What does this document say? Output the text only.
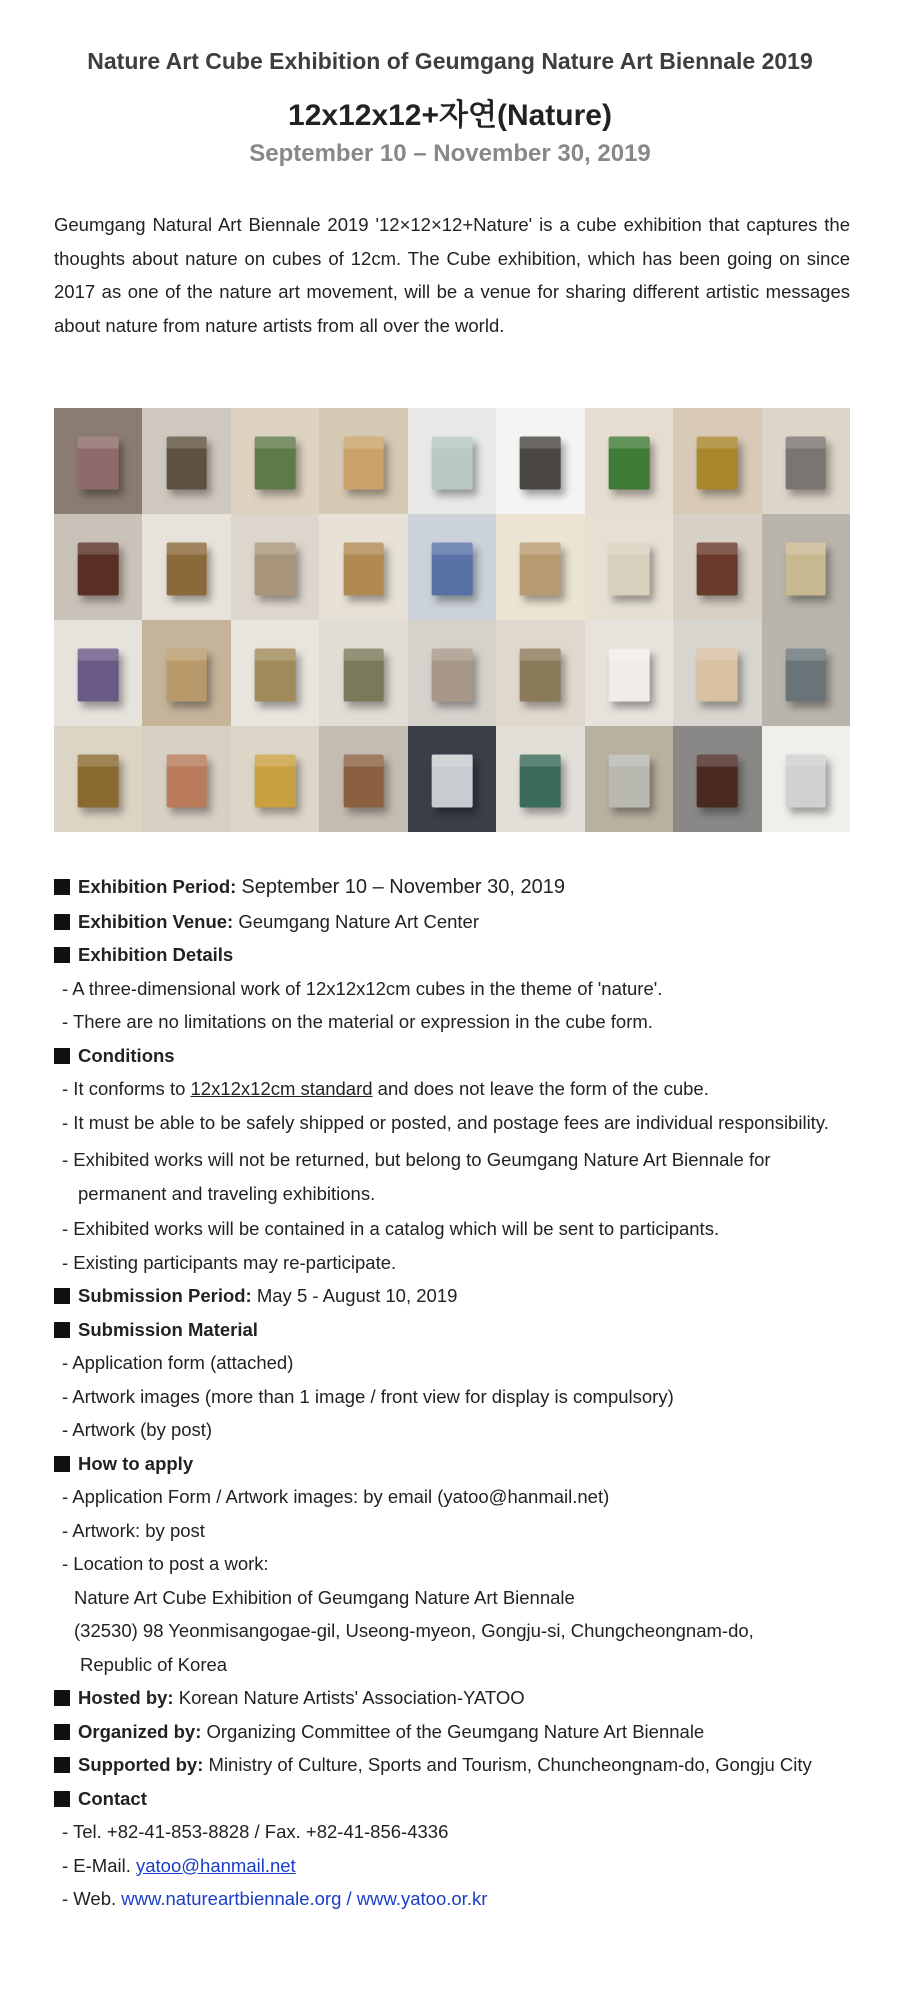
Nature Art Cube Exhibition of Geumgang Nature Art Biennale 2019
12x12x12+자연(Nature)
September 10 – November 30, 2019
Geumgang Natural Art Biennale 2019 '12×12×12+Nature' is a cube exhibition that captures the thoughts about nature on cubes of 12cm. The Cube exhibition, which has been going on since 2017 as one of the nature art movement, will be a venue for sharing different artistic messages about nature from nature artists from all over the world.
Exhibition Period: September 10 – November 30, 2019
Exhibition Venue: Geumgang Nature Art Center
Exhibition Details
- A three-dimensional work of 12x12x12cm cubes in the theme of 'nature'.
- There are no limitations on the material or expression in the cube form.
Conditions
- It conforms to 12x12x12cm standard and does not leave the form of the cube.
- It must be able to be safely shipped or posted, and postage fees are individual responsibility.
- Exhibited works will not be returned, but belong to Geumgang Nature Art Biennale for permanent and traveling exhibitions.
- Exhibited works will be contained in a catalog which will be sent to participants.
- Existing participants may re-participate.
Submission Period: May 5 - August 10, 2019
Submission Material
- Application form (attached)
- Artwork images (more than 1 image / front view for display is compulsory)
- Artwork (by post)
How to apply
- Application Form / Artwork images: by email (yatoo@hanmail.net)
- Artwork: by post
- Location to post a work:
Nature Art Cube Exhibition of Geumgang Nature Art Biennale
(32530) 98 Yeonmisangogae-gil, Useong-myeon, Gongju-si, Chungcheongnam-do,
Republic of Korea
Hosted by: Korean Nature Artists' Association-YATOO
Organized by: Organizing Committee of the Geumgang Nature Art Biennale
Supported by: Ministry of Culture, Sports and Tourism, Chuncheongnam-do, Gongju City
Contact
- Tel. +82-41-853-8828 / Fax. +82-41-856-4336
- E-Mail. yatoo@hanmail.net
- Web. www.natureartbiennale.org / www.yatoo.or.kr
